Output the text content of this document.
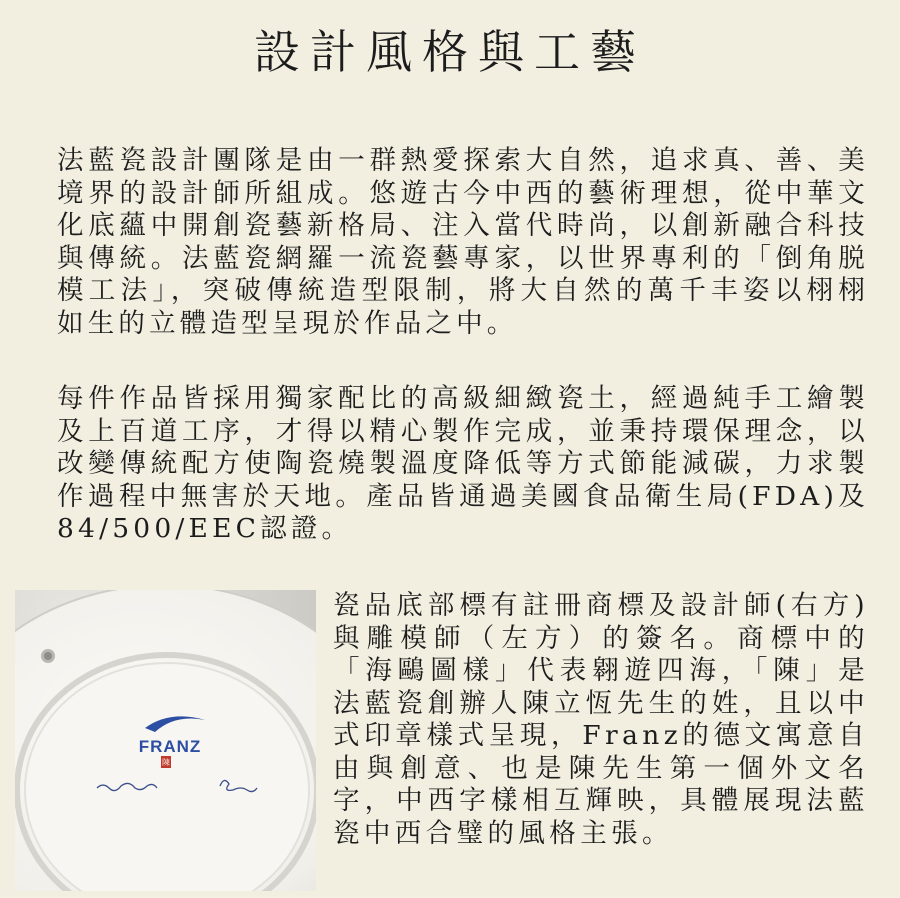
設計風格與工藝

法藍瓷設計團隊是由一群熱愛探索大自然，追求真、善、美境界的設計師所組成。悠遊古今中西的藝術理想，從中華文化底蘊中開創瓷藝新格局、注入當代時尚，以創新融合科技與傳統。法藍瓷網羅一流瓷藝專家，以世界專利的「倒角脱模工法」，突破傳統造型限制，將大自然的萬千丰姿以栩栩如生的立體造型呈現於作品之中。

每件作品皆採用獨家配比的高級細緻瓷土，經過純手工繪製及上百道工序，才得以精心製作完成，並秉持環保理念，以改變傳統配方使陶瓷燒製溫度降低等方式節能減碳，力求製作過程中無害於天地。產品皆通過美國食品衛生局(FDA)及84/500/EEC認證。

FRANZ
陳

瓷品底部標有註冊商標及設計師(右方)與雕模師（左方）的簽名。商標中的「海鷗圖樣」代表翱遊四海，「陳」是法藍瓷創辦人陳立恆先生的姓，且以中式印章樣式呈現，Franz的德文寓意自由與創意、也是陳先生第一個外文名字，中西字樣相互輝映，具體展現法藍瓷中西合璧的風格主張。
